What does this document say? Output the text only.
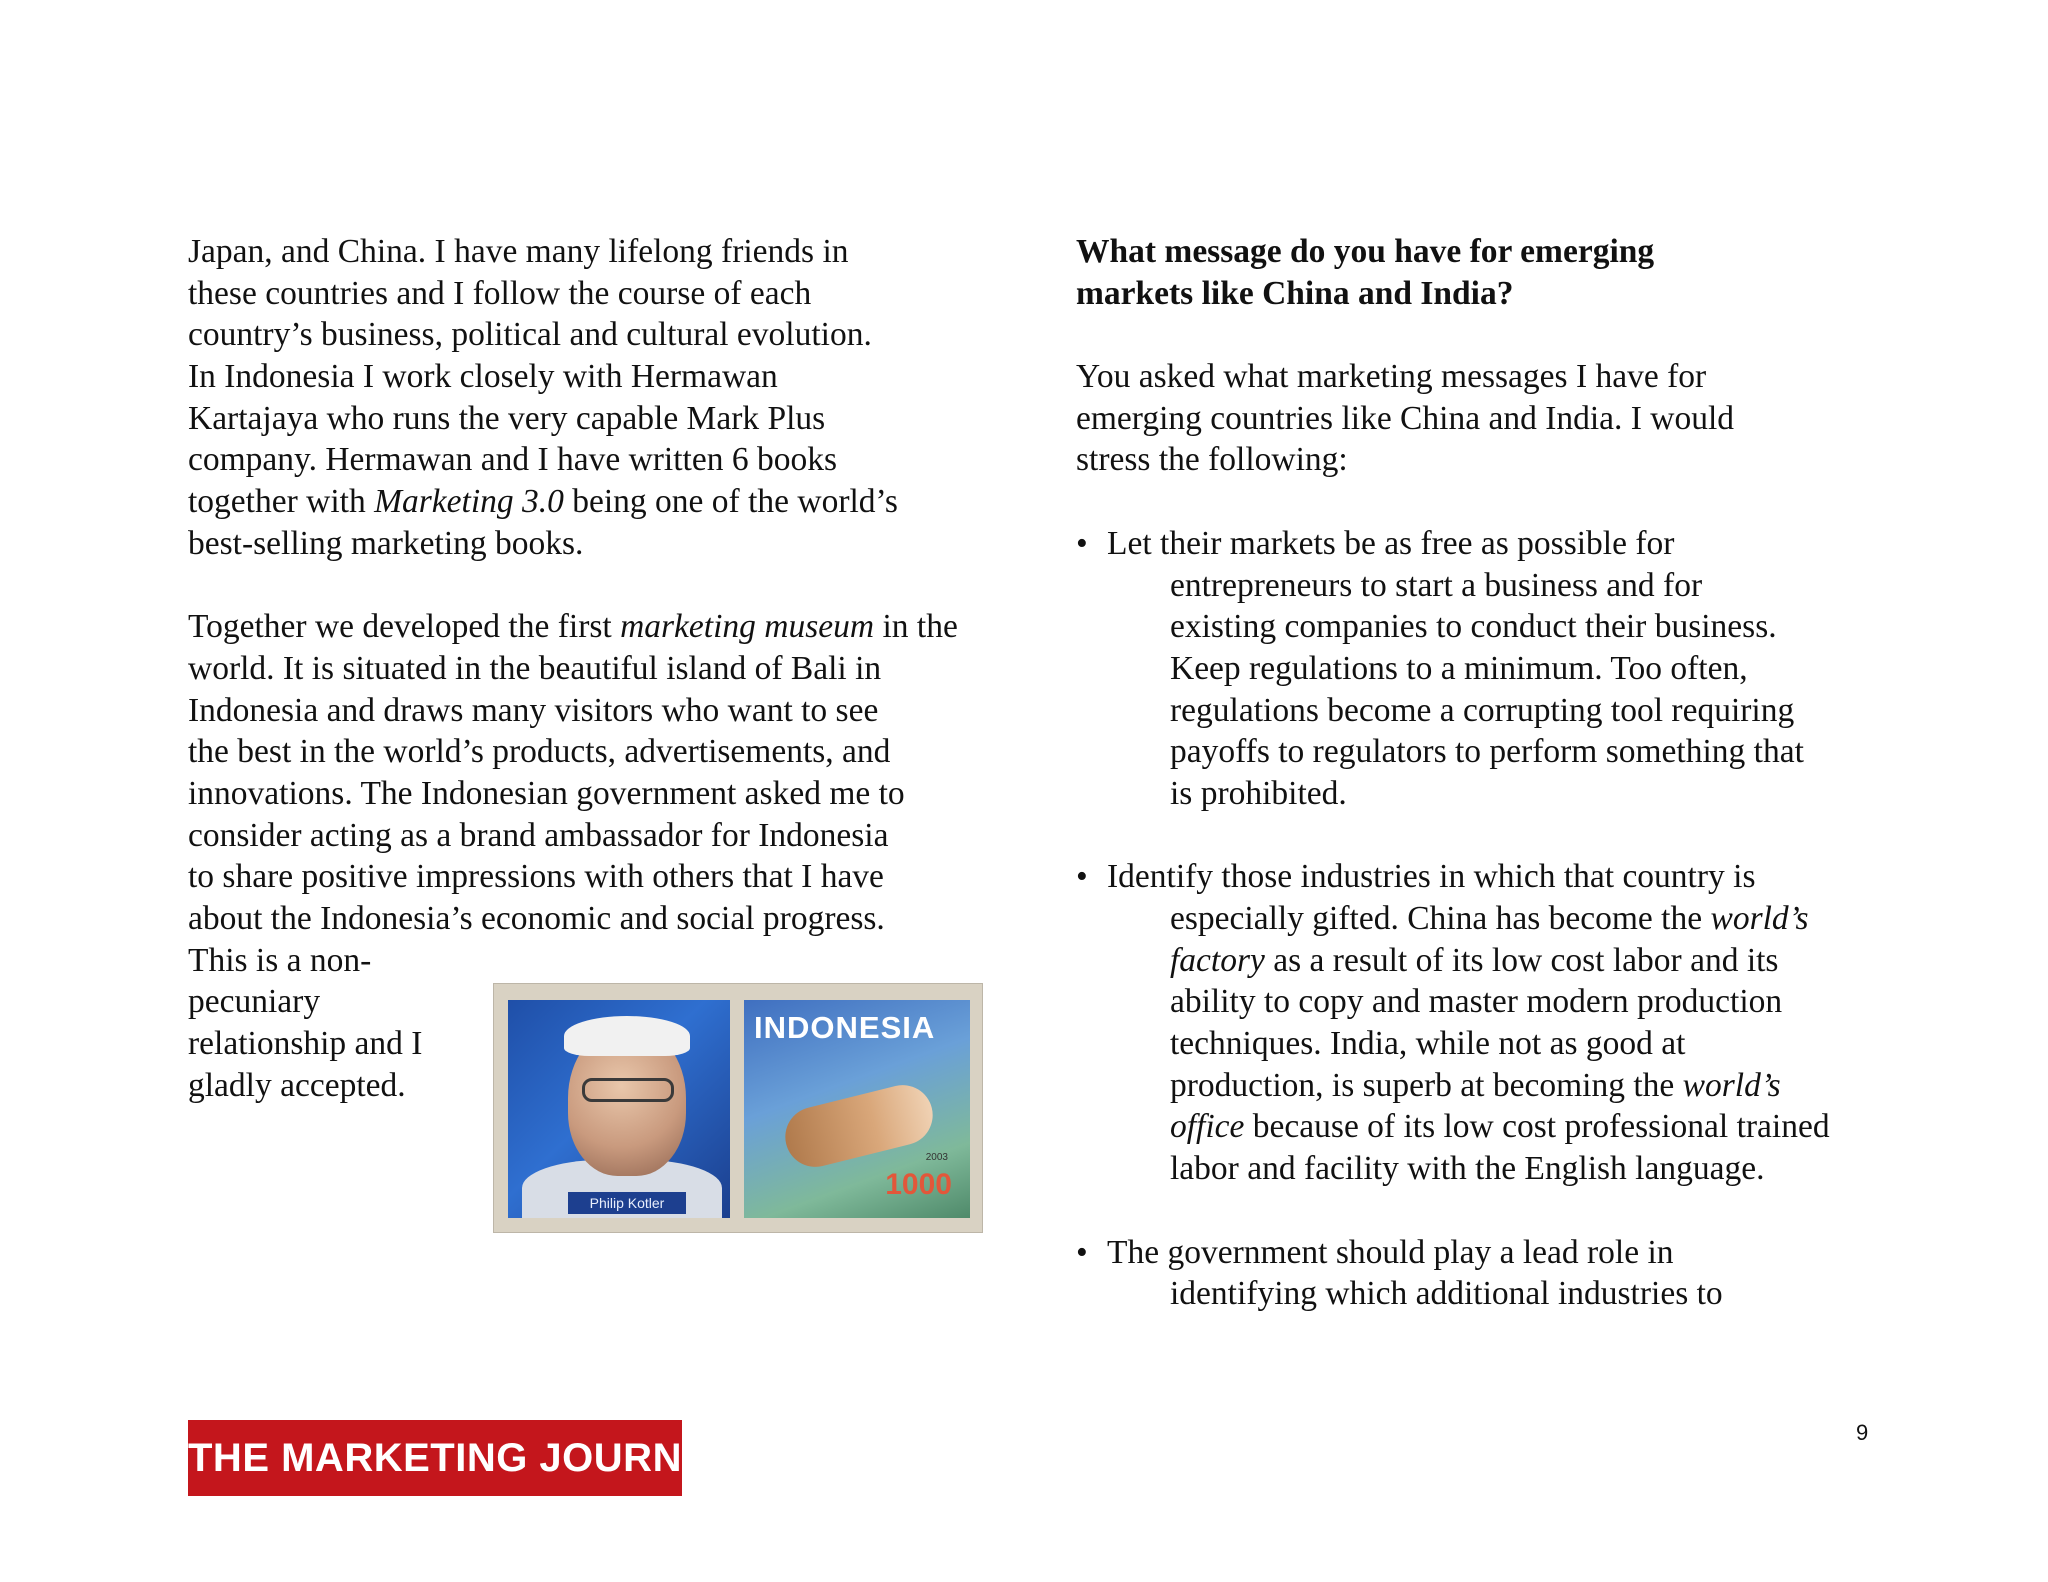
Japan, and China. I have many lifelong friends in
these countries and I follow the course of each
country’s business, political and cultural evolution.
In Indonesia I work closely with Hermawan
Kartajaya who runs the very capable Mark Plus
company. Hermawan and I have written 6 books
together with Marketing 3.0 being one of the world’s
best-selling marketing books.
Together we developed the first marketing museum in the
world. It is situated in the beautiful island of Bali in
Indonesia and draws many visitors who want to see
the best in the world’s products, advertisements, and
innovations. The Indonesian government asked me to
consider acting as a brand ambassador for Indonesia
to share positive impressions with others that I have
about the Indonesia’s economic and social progress.
This is a non-
pecuniary
relationship and I
gladly accepted.
Philip Kotler
INDONESIA
2003
1000
What message do you have for emerging
markets like China and India?
You asked what marketing messages I have for
emerging countries like China and India. I would
stress the following:
• Let their markets be as free as possible for
entrepreneurs to start a business and for
existing companies to conduct their business.
Keep regulations to a minimum. Too often,
regulations become a corrupting tool requiring
payoffs to regulators to perform something that
is prohibited.
• Identify those industries in which that country is
especially gifted. China has become the world’s
factory as a result of its low cost labor and its
ability to copy and master modern production
techniques. India, while not as good at
production, is superb at becoming the world’s
office because of its low cost professional trained
labor and facility with the English language.
• The government should play a lead role in
identifying which additional industries to
THE MARKETING JOURNAL
9
